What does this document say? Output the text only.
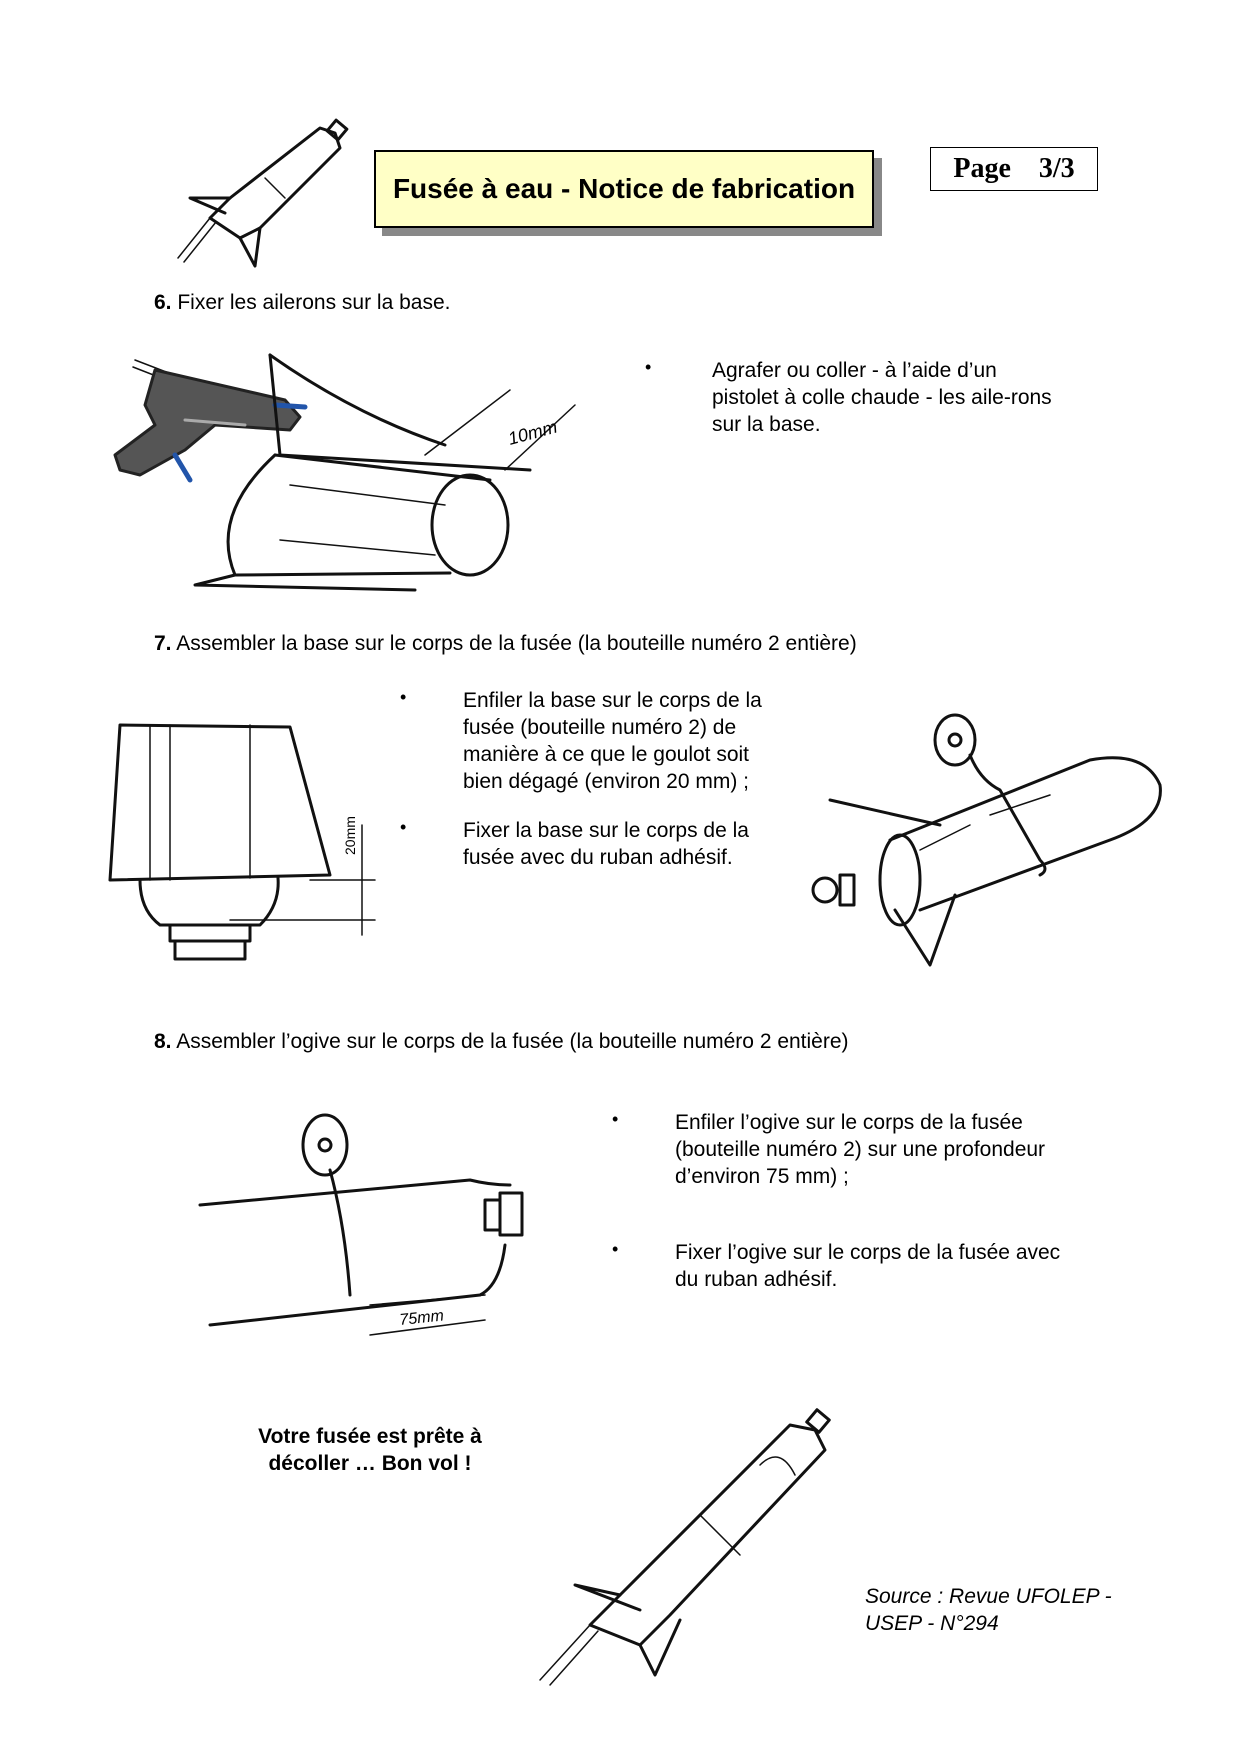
Fusée à eau - Notice de fabrication
Page 3/3
6. Fixer les ailerons sur la base.
10mm
•	Agrafer ou coller - à l’aide d’un pistolet à colle chaude - les aile-rons sur la base.
7. Assembler la base sur le corps de la fusée (la bouteille numéro 2 entière)
20mm
•	Enfiler la base sur le corps de la fusée (bouteille numéro 2) de manière à ce que le goulot soit bien dégagé (environ 20 mm) ;
•	Fixer la base sur le corps de la fusée avec du ruban adhésif.
8. Assembler l’ogive sur le corps de la fusée (la bouteille numéro 2 entière)
75mm
•	Enfiler l’ogive sur le corps de la fusée (bouteille numéro 2) sur une profondeur d’environ 75 mm) ;
•	Fixer l’ogive sur le corps de la fusée avec du ruban adhésif.
Votre fusée est prête à
décoller … Bon vol !
Source : Revue UFOLEP -
USEP - N°294
